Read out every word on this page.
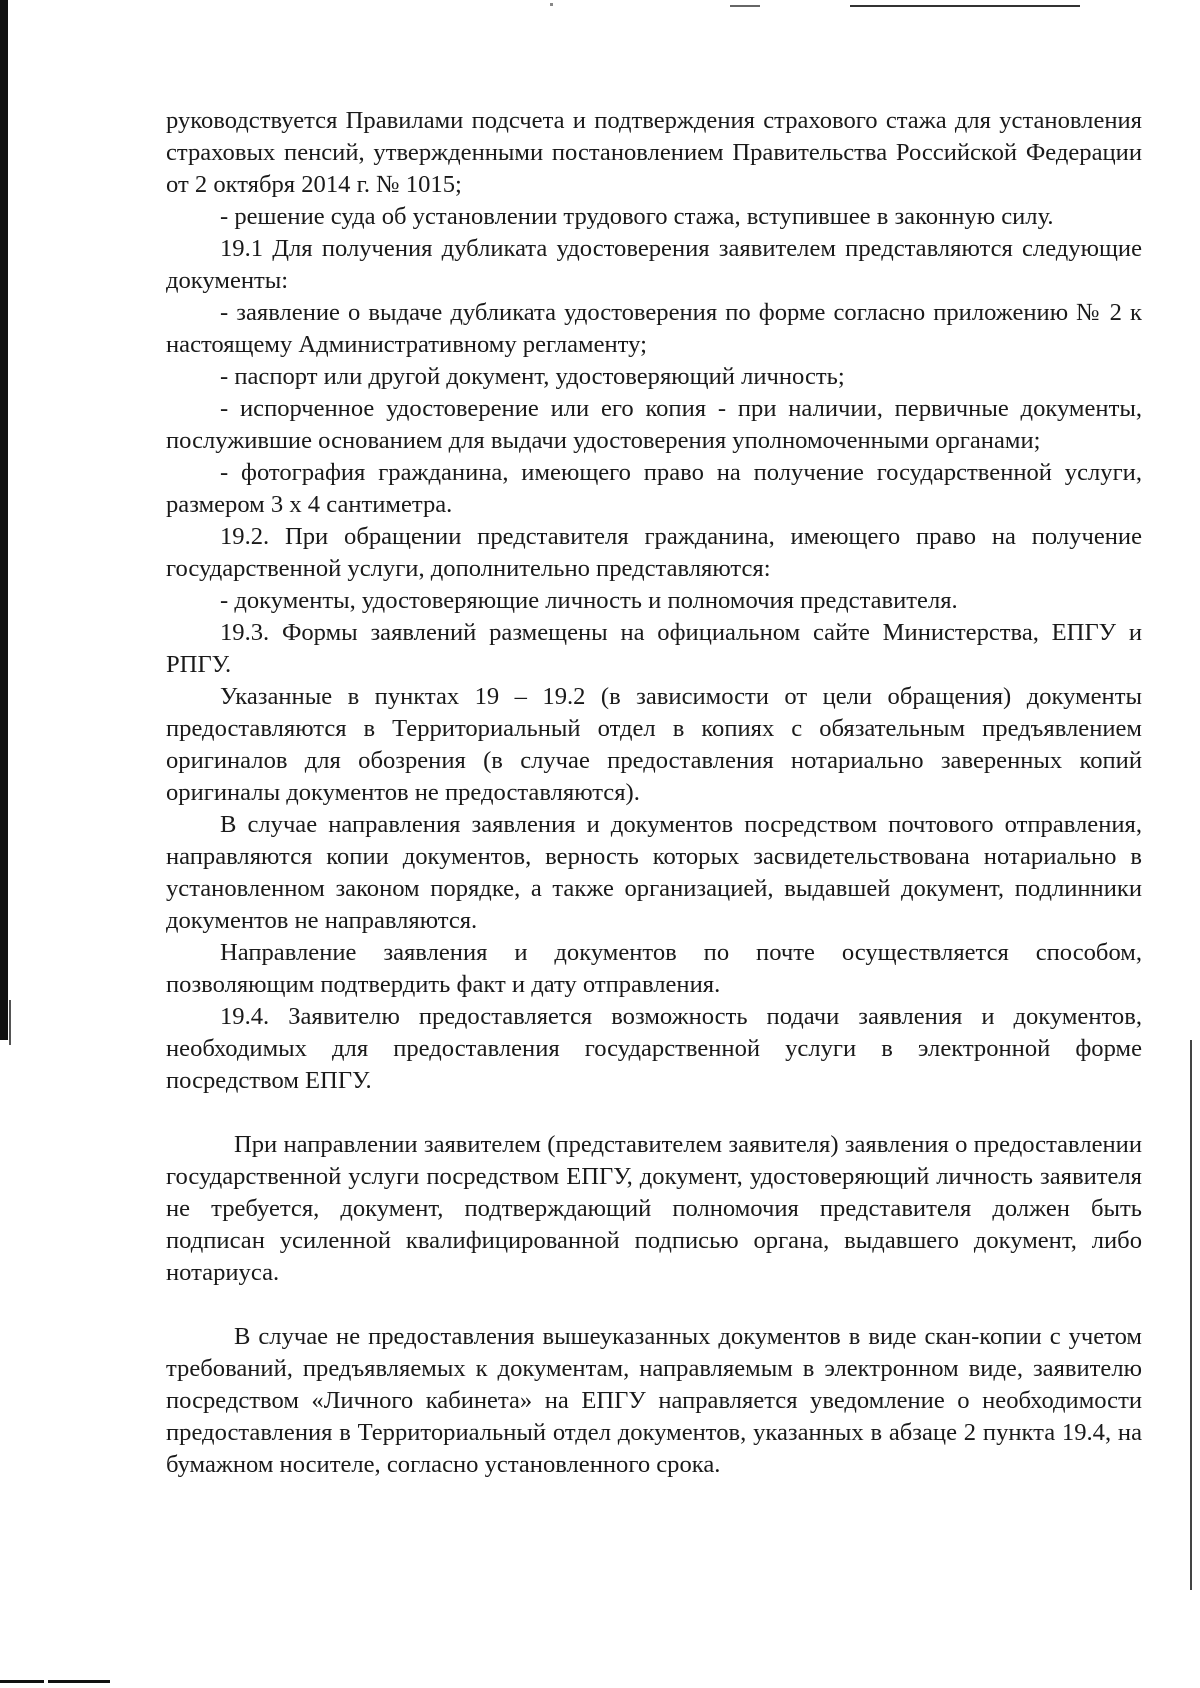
руководствуется Правилами подсчета и подтверждения страхового стажа для установления страховых пенсий, утвержденными постановлением Правительства Российской Федерации от 2 октября 2014 г. № 1015;

- решение суда об установлении трудового стажа, вступившее в законную силу.

19.1 Для получения дубликата удостоверения заявителем представляются следующие документы:

- заявление о выдаче дубликата удостоверения по форме согласно приложению № 2 к настоящему Административному регламенту;

- паспорт или другой документ, удостоверяющий личность;

- испорченное удостоверение или его копия - при наличии, первичные документы, послужившие основанием для выдачи удостоверения уполномоченными органами;

- фотография гражданина, имеющего право на получение государственной услуги, размером 3 х 4 сантиметра.

19.2. При обращении представителя гражданина, имеющего право на получение государственной услуги, дополнительно представляются:

- документы, удостоверяющие личность и полномочия представителя.

19.3. Формы заявлений размещены на официальном сайте Министерства, ЕПГУ и РПГУ.

Указанные в пунктах 19 – 19.2 (в зависимости от цели обращения) документы предоставляются в Территориальный отдел в копиях с обязательным предъявлением оригиналов для обозрения (в случае предоставления нотариально заверенных копий оригиналы документов не предоставляются).

В случае направления заявления и документов посредством почтового отправления, направляются копии документов, верность которых засвидетельствована нотариально в установленном законом порядке, а также организацией, выдавшей документ, подлинники документов не направляются.

Направление заявления и документов по почте осуществляется способом, позволяющим подтвердить факт и дату отправления.

19.4. Заявителю предоставляется возможность подачи заявления и документов, необходимых для предоставления государственной услуги в электронной форме посредством ЕПГУ.

При направлении заявителем (представителем заявителя) заявления о предоставлении государственной услуги посредством ЕПГУ, документ, удостоверяющий личность заявителя не требуется, документ, подтверждающий полномочия представителя должен быть подписан усиленной квалифицированной подписью органа, выдавшего документ, либо нотариуса.

В случае не предоставления вышеуказанных документов в виде скан-копии с учетом требований, предъявляемых к документам, направляемым в электронном виде, заявителю посредством «Личного кабинета» на ЕПГУ направляется уведомление о необходимости предоставления в Территориальный отдел документов, указанных в абзаце 2 пункта 19.4, на бумажном носителе, согласно установленного срока.
